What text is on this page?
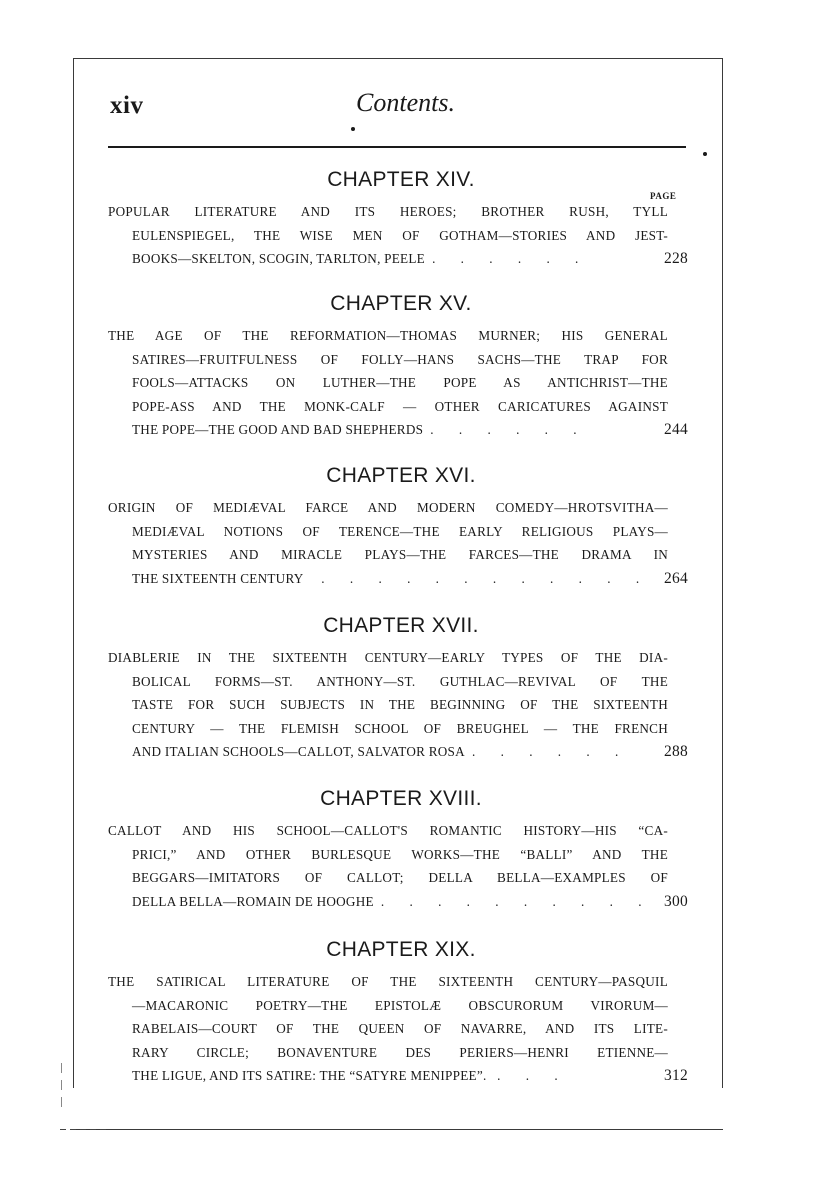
xiv	Contents.
PAGE
CHAPTER XIV.
POPULAR LITERATURE AND ITS HEROES; BROTHER RUSH, TYLL
EULENSPIEGEL, THE WISE MEN OF GOTHAM—STORIES AND JEST-
BOOKS—SKELTON, SCOGIN, TARLTON, PEELE . . . . . .	228
CHAPTER XV.
THE AGE OF THE REFORMATION—THOMAS MURNER; HIS GENERAL
SATIRES—FRUITFULNESS OF FOLLY—HANS SACHS—THE TRAP FOR
FOOLS—ATTACKS ON LUTHER—THE POPE AS ANTICHRIST—THE
POPE-ASS AND THE MONK-CALF — OTHER CARICATURES AGAINST
THE POPE—THE GOOD AND BAD SHEPHERDS . . . . . .	244
CHAPTER XVI.
ORIGIN OF MEDIÆVAL FARCE AND MODERN COMEDY—HROTSVITHA—
MEDIÆVAL NOTIONS OF TERENCE—THE EARLY RELIGIOUS PLAYS—
MYSTERIES AND MIRACLE PLAYS—THE FARCES—THE DRAMA IN
THE SIXTEENTH CENTURY . . . . . . . . . . . . 264
CHAPTER XVII.
DIABLERIE IN THE SIXTEENTH CENTURY—EARLY TYPES OF THE DIA-
BOLICAL FORMS—ST. ANTHONY—ST. GUTHLAC—REVIVAL OF THE
TASTE FOR SUCH SUBJECTS IN THE BEGINNING OF THE SIXTEENTH
CENTURY — THE FLEMISH SCHOOL OF BREUGHEL — THE FRENCH
AND ITALIAN SCHOOLS—CALLOT, SALVATOR ROSA . . . . . .	288
CHAPTER XVIII.
CALLOT AND HIS SCHOOL—CALLOT'S ROMANTIC HISTORY—HIS “CA-
PRICI,” AND OTHER BURLESQUE WORKS—THE “BALLI” AND THE
BEGGARS—IMITATORS OF CALLOT; DELLA BELLA—EXAMPLES OF
DELLA BELLA—ROMAIN DE HOOGHE . . . . . . . . . . 300
CHAPTER XIX.
THE SATIRICAL LITERATURE OF THE SIXTEENTH CENTURY—PASQUIL
—MACARONIC POETRY—THE EPISTOLÆ OBSCURORUM VIRORUM—
RABELAIS—COURT OF THE QUEEN OF NAVARRE, AND ITS LITE-
RARY CIRCLE; BONAVENTURE DES PERIERS—HENRI ETIENNE—
THE LIGUE, AND ITS SATIRE: THE “SATYRE MENIPPEE”. . . .	312
